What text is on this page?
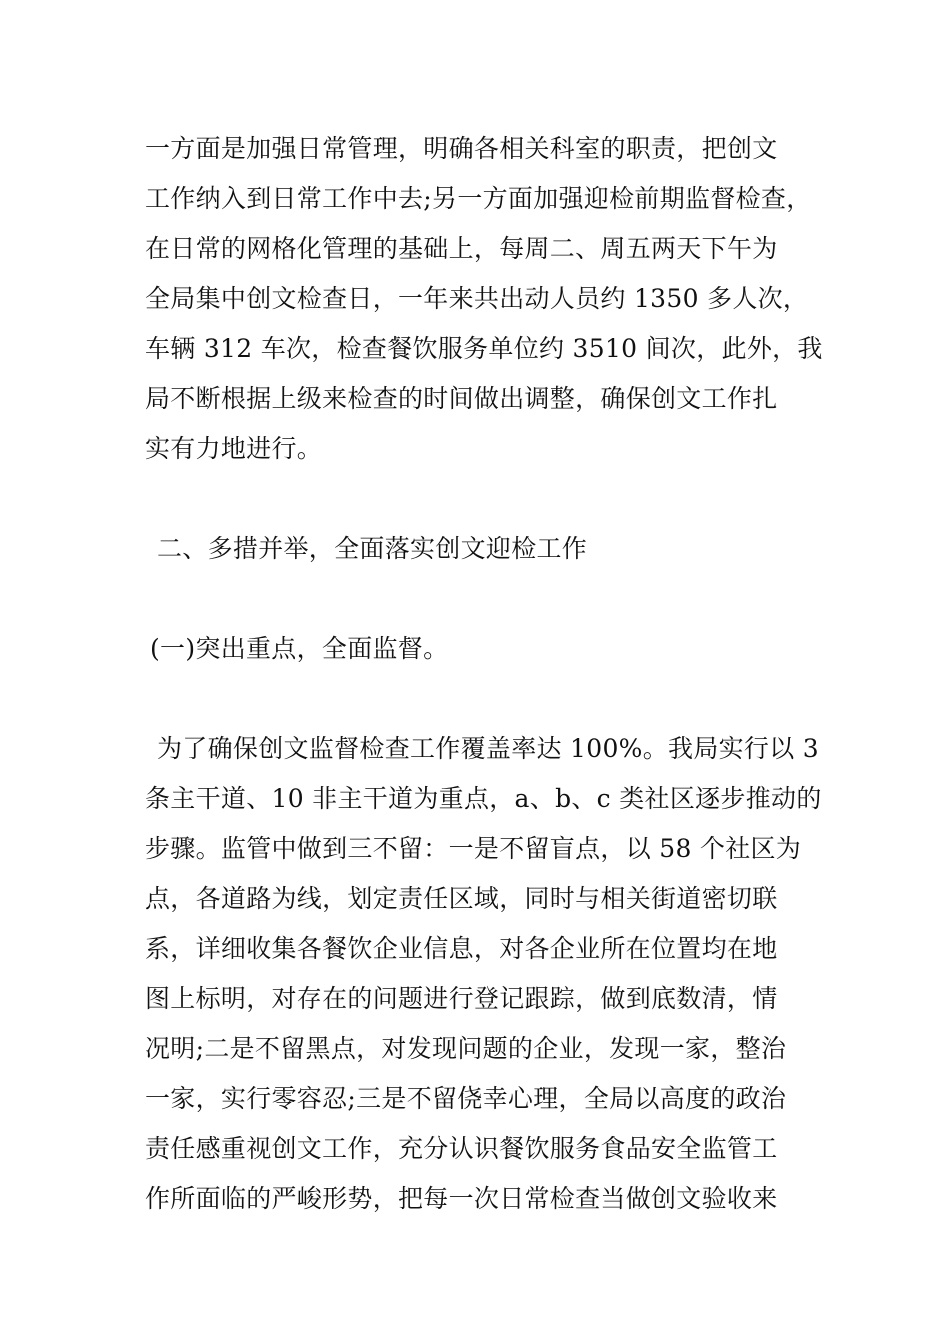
一方面是加强日常管理，明确各相关科室的职责，把创文
工作纳入到日常工作中去;另一方面加强迎检前期监督检查，
在日常的网格化管理的基础上，每周二、周五两天下午为
全局集中创文检查日，一年来共出动人员约 1350 多人次，
车辆 312 车次，检查餐饮服务单位约 3510 间次，此外，我
局不断根据上级来检查的时间做出调整，确保创文工作扎
实有力地进行。
二、多措并举，全面落实创文迎检工作
(一)突出重点，全面监督。
为了确保创文监督检查工作覆盖率达 100%。我局实行以 3
条主干道、10 非主干道为重点，a、b、c 类社区逐步推动的
步骤。监管中做到三不留：一是不留盲点，以 58 个社区为
点，各道路为线，划定责任区域，同时与相关街道密切联
系，详细收集各餐饮企业信息，对各企业所在位置均在地
图上标明，对存在的问题进行登记跟踪，做到底数清，情
况明;二是不留黑点，对发现问题的企业，发现一家，整治
一家，实行零容忍;三是不留侥幸心理，全局以高度的政治
责任感重视创文工作，充分认识餐饮服务食品安全监管工
作所面临的严峻形势，把每一次日常检查当做创文验收来
